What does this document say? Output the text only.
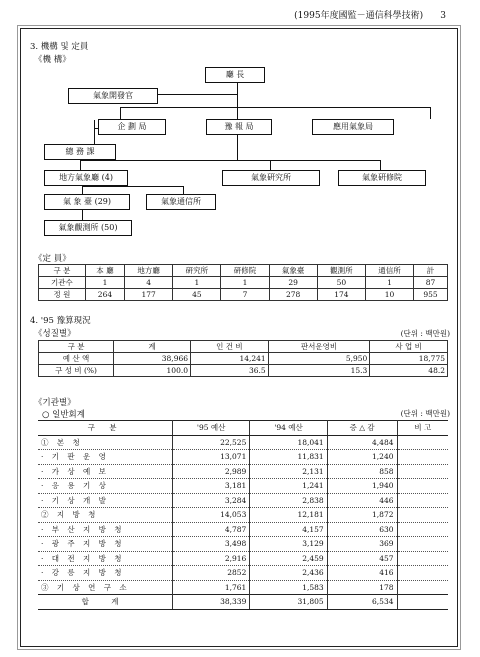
(1995年度國監－通信科學技術) 3
3. 機構 및 定員
《機 構》
廳 長
氣象開發官
企 劃 局	豫 報 局	應用氣象局
總 務 課
地方氣象廳 (4)	氣象硏究所	氣象硏修院
氣 象 臺 (29)	氣象通信所
氣象觀測所 (50)
《定 員》
구 분	本 廳	地方廳	硏究所	硏修院	氣象臺	觀測所	通信所	計
기관수	1	4	1	1	29	50	1	87
정 원	264	177	45	7	278	174	10	955
4. '95 豫算現況
《성질별》	(단위 : 백만원)
구 분	계	인 건 비	판서운영비	사 업 비
예 산 액	38,966	14,241	5,950	18,775
구 성 비 (%)	100.0	36.5	15.3	48.2
《기관별》
○ 일반회계	(단위 : 백만원)
구 분	'95 예산	'94 예산	증 △ 감	비 고
① 본 청	22,525	18,041	4,484	
· 기 판 운 영	13,071	11,831	1,240	
· 가 상 예 보	2,989	2,131	858	
· 응 용 기 상	3,181	1,241	1,940	
· 기 상 개 발	3,284	2,838	446	
② 지 방 청	14,053	12,181	1,872	
· 부 산 지 방 청	4,787	4,157	630	
· 광 주 지 방 청	3,498	3,129	369	
· 대 전 지 방 청	2,916	2,459	457	
· 강 릉 지 방 청	2852	2,436	416	
③ 기 상 연 구 소	1,761	1,583	178	
합 계	38,339	31,805	6,534	
